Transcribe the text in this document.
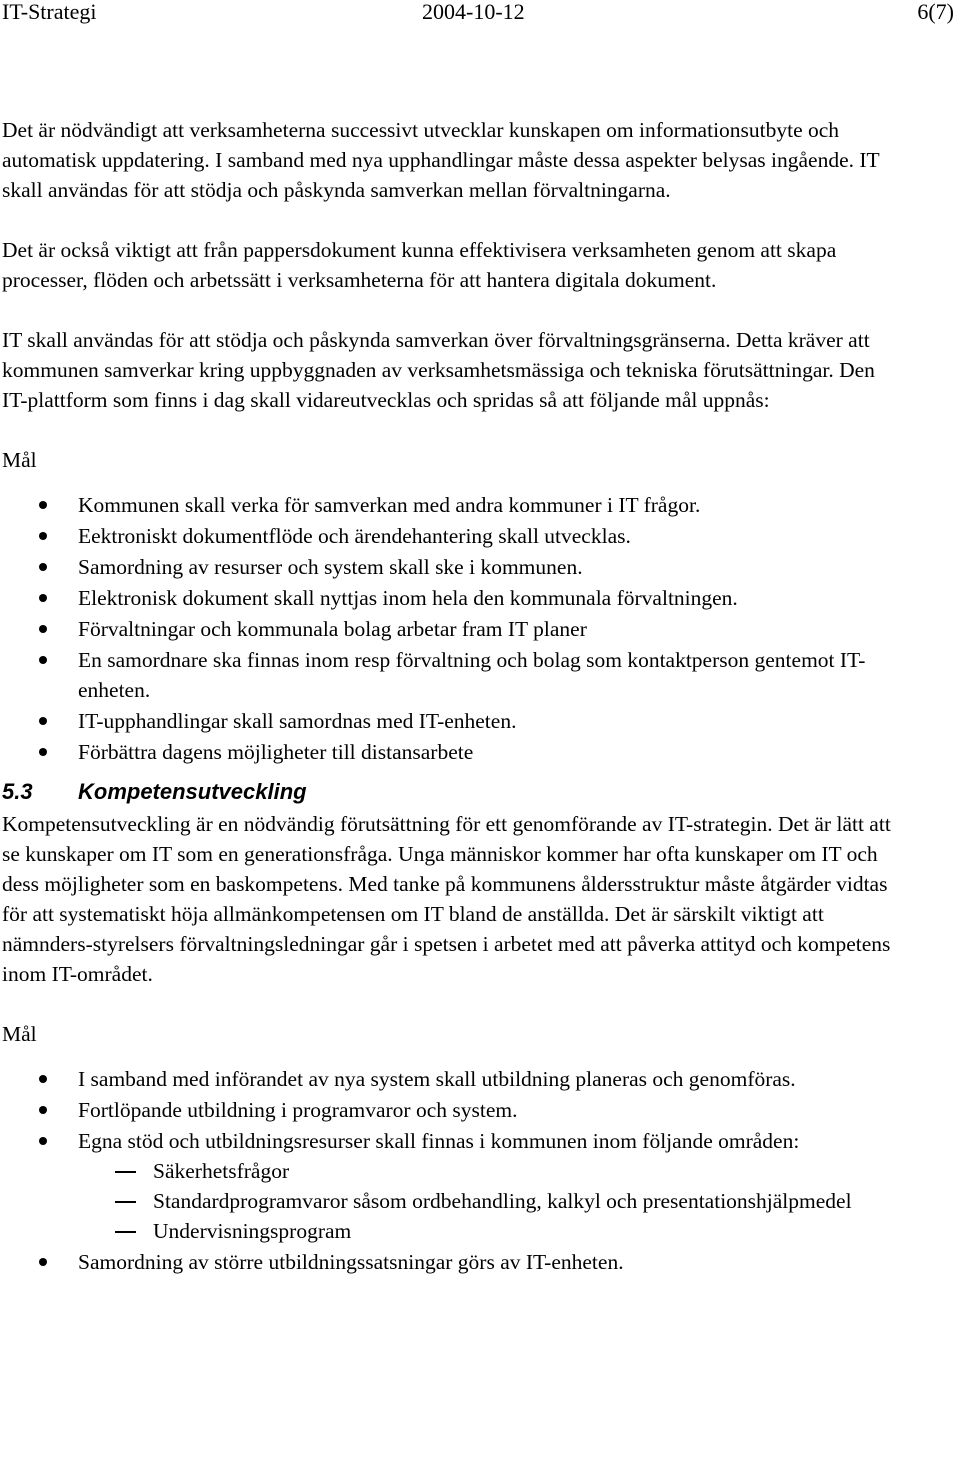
IT-Strategi	2004-10-12	6(7)

Det är nödvändigt att verksamheterna successivt utvecklar kunskapen om informationsutbyte och automatisk uppdatering. I samband med nya upphandlingar måste dessa aspekter belysas ingående. IT skall användas för att stödja och påskynda samverkan mellan förvaltningarna.

Det är också viktigt att från pappersdokument kunna effektivisera verksamheten genom att skapa processer, flöden och arbetssätt i verksamheterna för att hantera digitala dokument.

IT skall användas för att stödja och påskynda samverkan över förvaltningsgränserna. Detta kräver att kommunen samverkar kring uppbyggnaden av verksamhetsmässiga och tekniska förutsättningar. Den IT-plattform som finns i dag skall vidareutvecklas och spridas så att följande mål uppnås:

Mål
Kommunen skall verka för samverkan med andra kommuner i IT frågor.
Eektroniskt dokumentflöde och ärendehantering skall utvecklas.
Samordning av resurser och system skall ske i kommunen.
Elektronisk dokument skall nyttjas inom hela den kommunala förvaltningen.
Förvaltningar och kommunala bolag arbetar fram IT planer
En samordnare ska finnas inom resp förvaltning och bolag som kontaktperson gentemot IT- enheten.
IT-upphandlingar skall samordnas med IT-enheten.
Förbättra dagens möjligheter till distansarbete
5.3 Kompetensutveckling

Kompetensutveckling är en nödvändig förutsättning för ett genomförande av IT-strategin. Det är lätt att se kunskaper om IT som en generationsfråga. Unga människor kommer har ofta kunskaper om IT och dess möjligheter som en baskompetens. Med tanke på kommunens åldersstruktur måste åtgärder vidtas för att systematiskt höja allmänkompetensen om IT bland de anställda. Det är särskilt viktigt att nämnders-styrelsers förvaltningsledningar går i spetsen i arbetet med att påverka attityd och kompetens inom IT-området.

Mål
I samband med införandet av nya system skall utbildning planeras och genomföras.
Fortlöpande utbildning i programvaror och system.
Egna stöd och utbildningsresurser skall finnas i kommunen inom följande områden:
Säkerhetsfrågor
Standardprogramvaror såsom ordbehandling, kalkyl och presentationshjälpmedel
Undervisningsprogram
Samordning av större utbildningssatsningar görs av IT-enheten.
